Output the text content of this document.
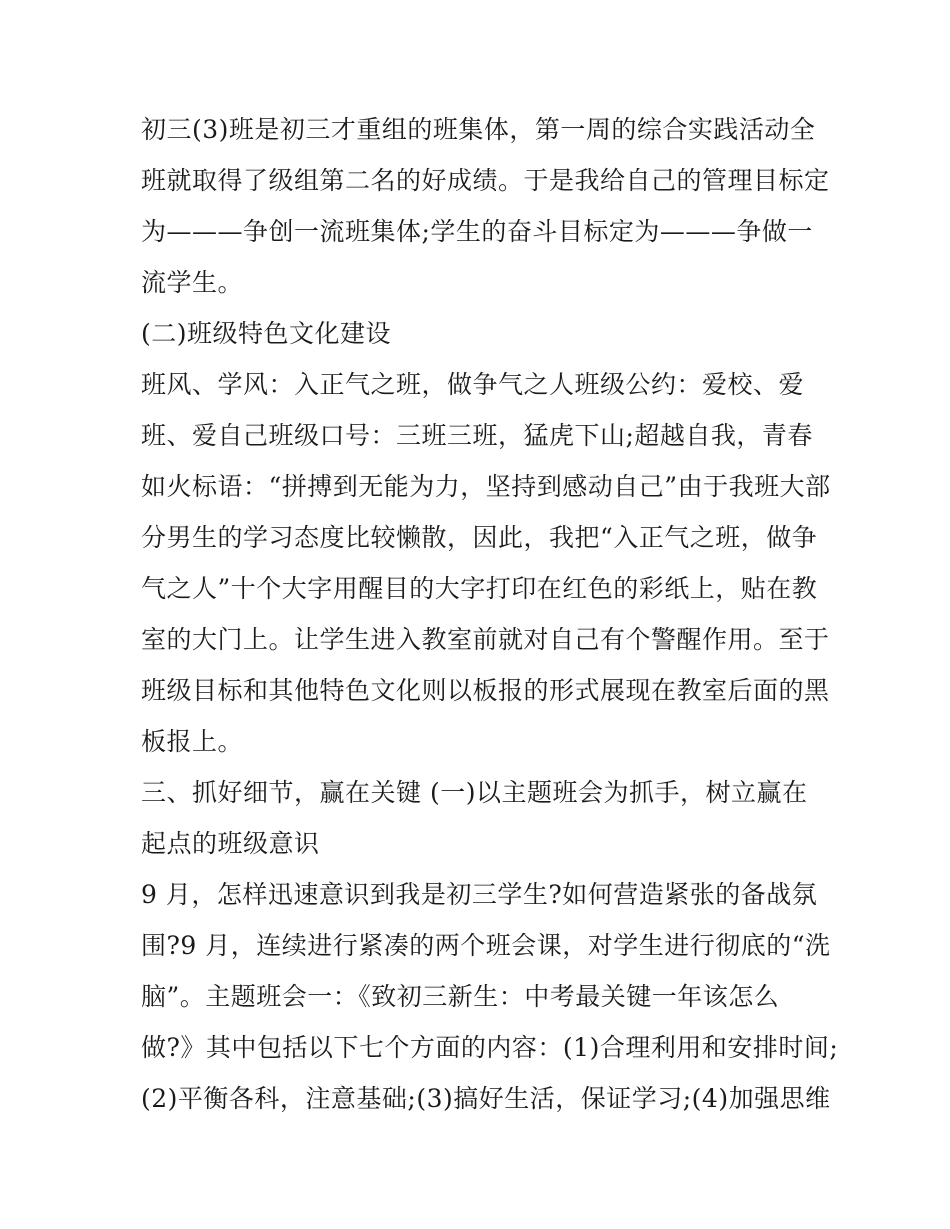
初三(3)班是初三才重组的班集体，第一周的综合实践活动全
班就取得了级组第二名的好成绩。于是我给自己的管理目标定
为———争创一流班集体;学生的奋斗目标定为———争做一
流学生。
(二)班级特色文化建设
班风、学风：入正气之班，做争气之人班级公约：爱校、爱
班、爱自己班级口号：三班三班，猛虎下山;超越自我，青春
如火标语：“拼搏到无能为力，坚持到感动自己”由于我班大部
分男生的学习态度比较懒散，因此，我把“入正气之班，做争
气之人”十个大字用醒目的大字打印在红色的彩纸上，贴在教
室的大门上。让学生进入教室前就对自己有个警醒作用。至于
班级目标和其他特色文化则以板报的形式展现在教室后面的黑
板报上。
三、抓好细节，赢在关键 (一)以主题班会为抓手，树立赢在
起点的班级意识
9 月，怎样迅速意识到我是初三学生?如何营造紧张的备战氛
围?9 月，连续进行紧凑的两个班会课，对学生进行彻底的“洗
脑”。主题班会一：《致初三新生：中考最关键一年该怎么
做?》其中包括以下七个方面的内容：(1)合理利用和安排时间;
(2)平衡各科，注意基础;(3)搞好生活，保证学习;(4)加强思维
